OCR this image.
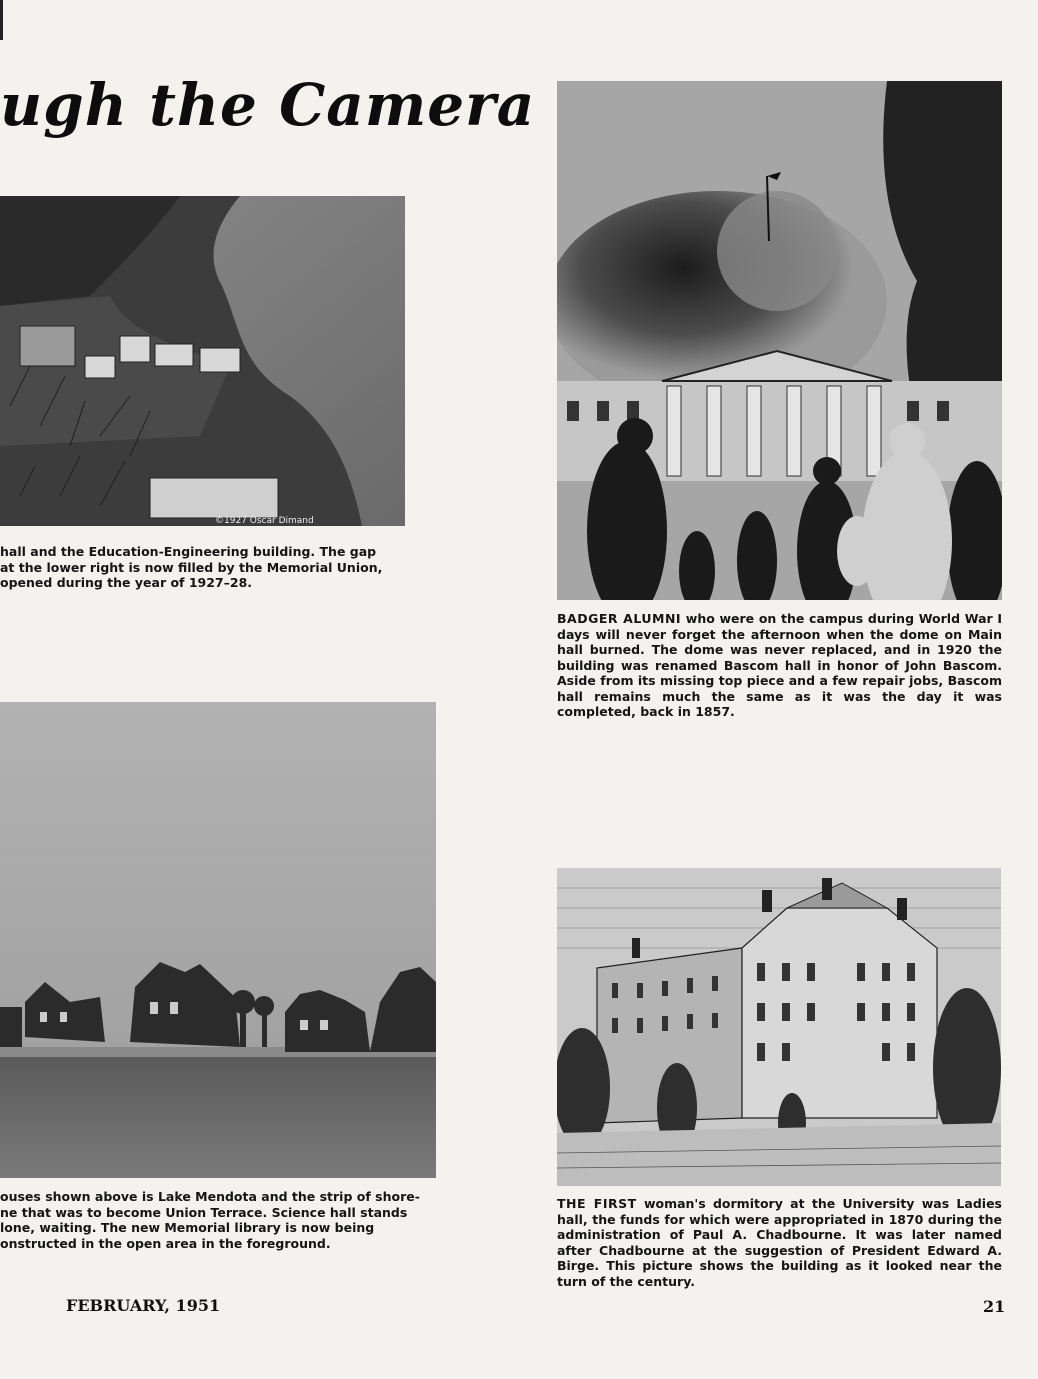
ugh the Camera
©1927 Oscar Dimand
hall and the Education-Engineering building. The gap
at the lower right is now filled by the Memorial Union,
opened during the year of 1927–28.
BADGER ALUMNI who were on the campus during World War I days will never forget the afternoon when the dome on Main hall burned. The dome was never replaced, and in 1920 the building was renamed Bascom hall in honor of John Bascom. Aside from its missing top piece and a few repair jobs, Bascom hall remains much the same as it was the day it was completed, back in 1857.
ouses shown above is Lake Mendota and the strip of shore-
ne that was to become Union Terrace. Science hall stands
lone, waiting. The new Memorial library is now being
onstructed in the open area in the foreground.
THE FIRST woman's dormitory at the University was Ladies hall, the funds for which were appropriated in 1870 during the administration of Paul A. Chadbourne. It was later named after Chadbourne at the suggestion of President Edward A. Birge. This picture shows the building as it looked near the turn of the century.
FEBRUARY, 1951	21
